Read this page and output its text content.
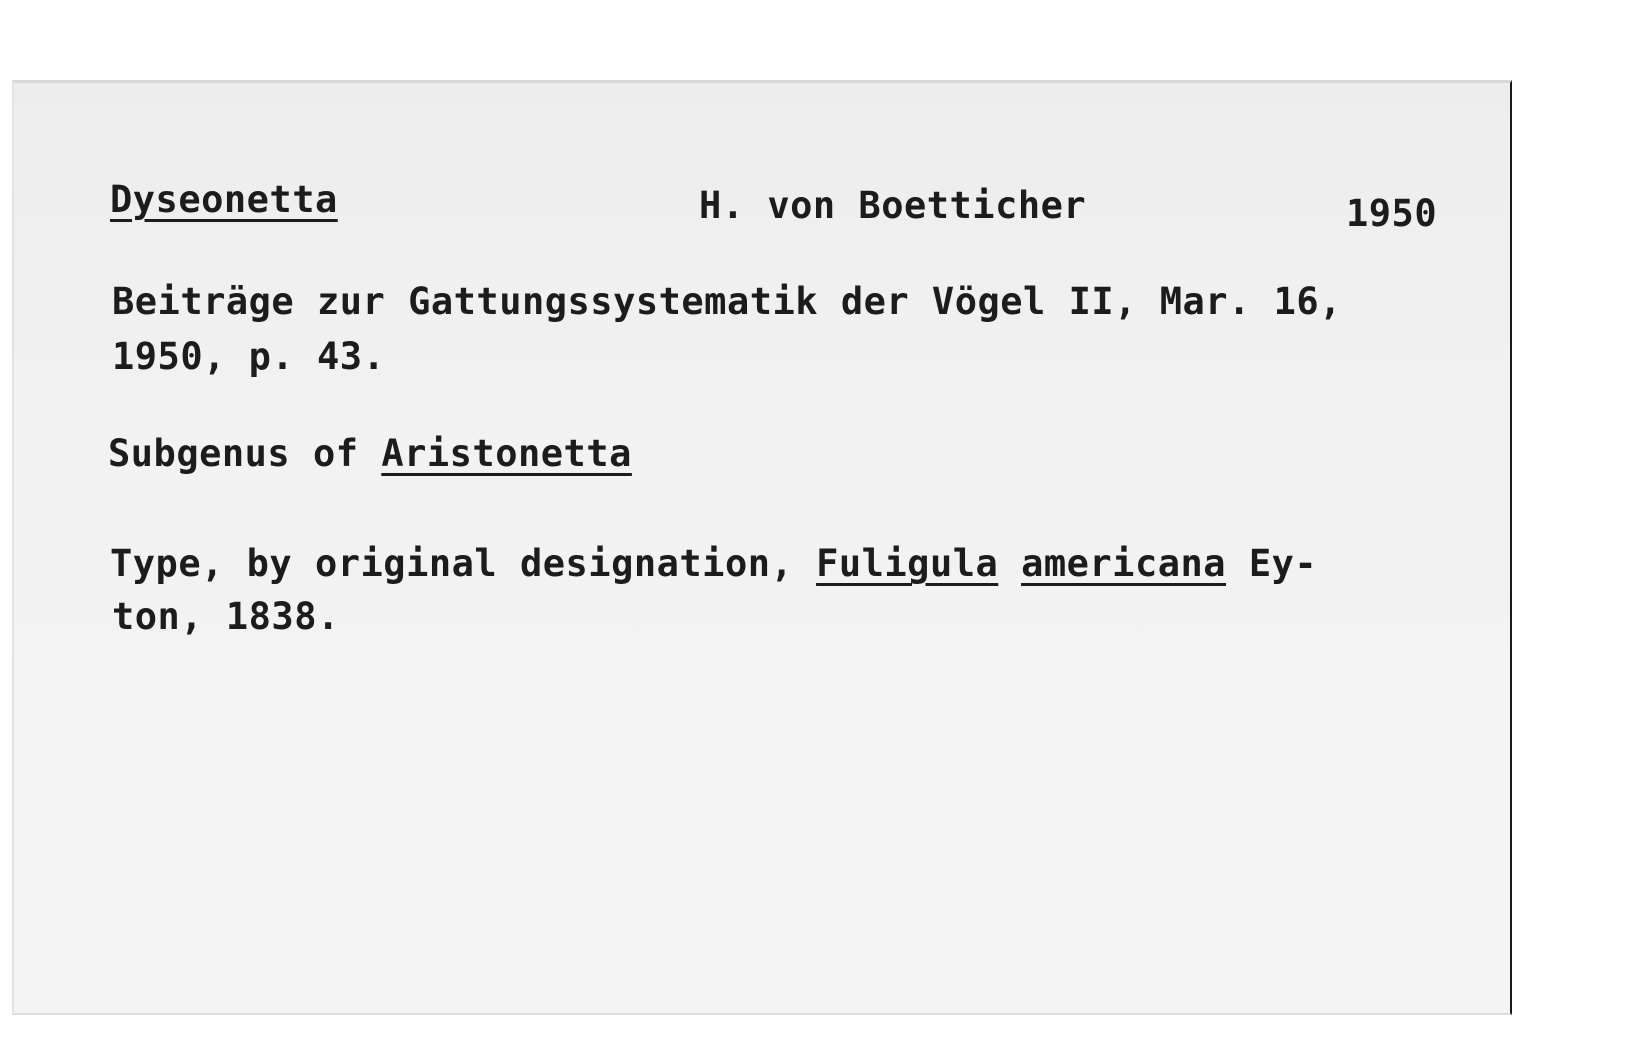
Dyseonetta	H. von Boetticher	1950

Beiträge zur Gattungssystematik der Vögel II, Mar. 16,

1950, p. 43.

Subgenus of Aristonetta

Type, by original designation, Fuligula americana Ey-

ton, 1838.
